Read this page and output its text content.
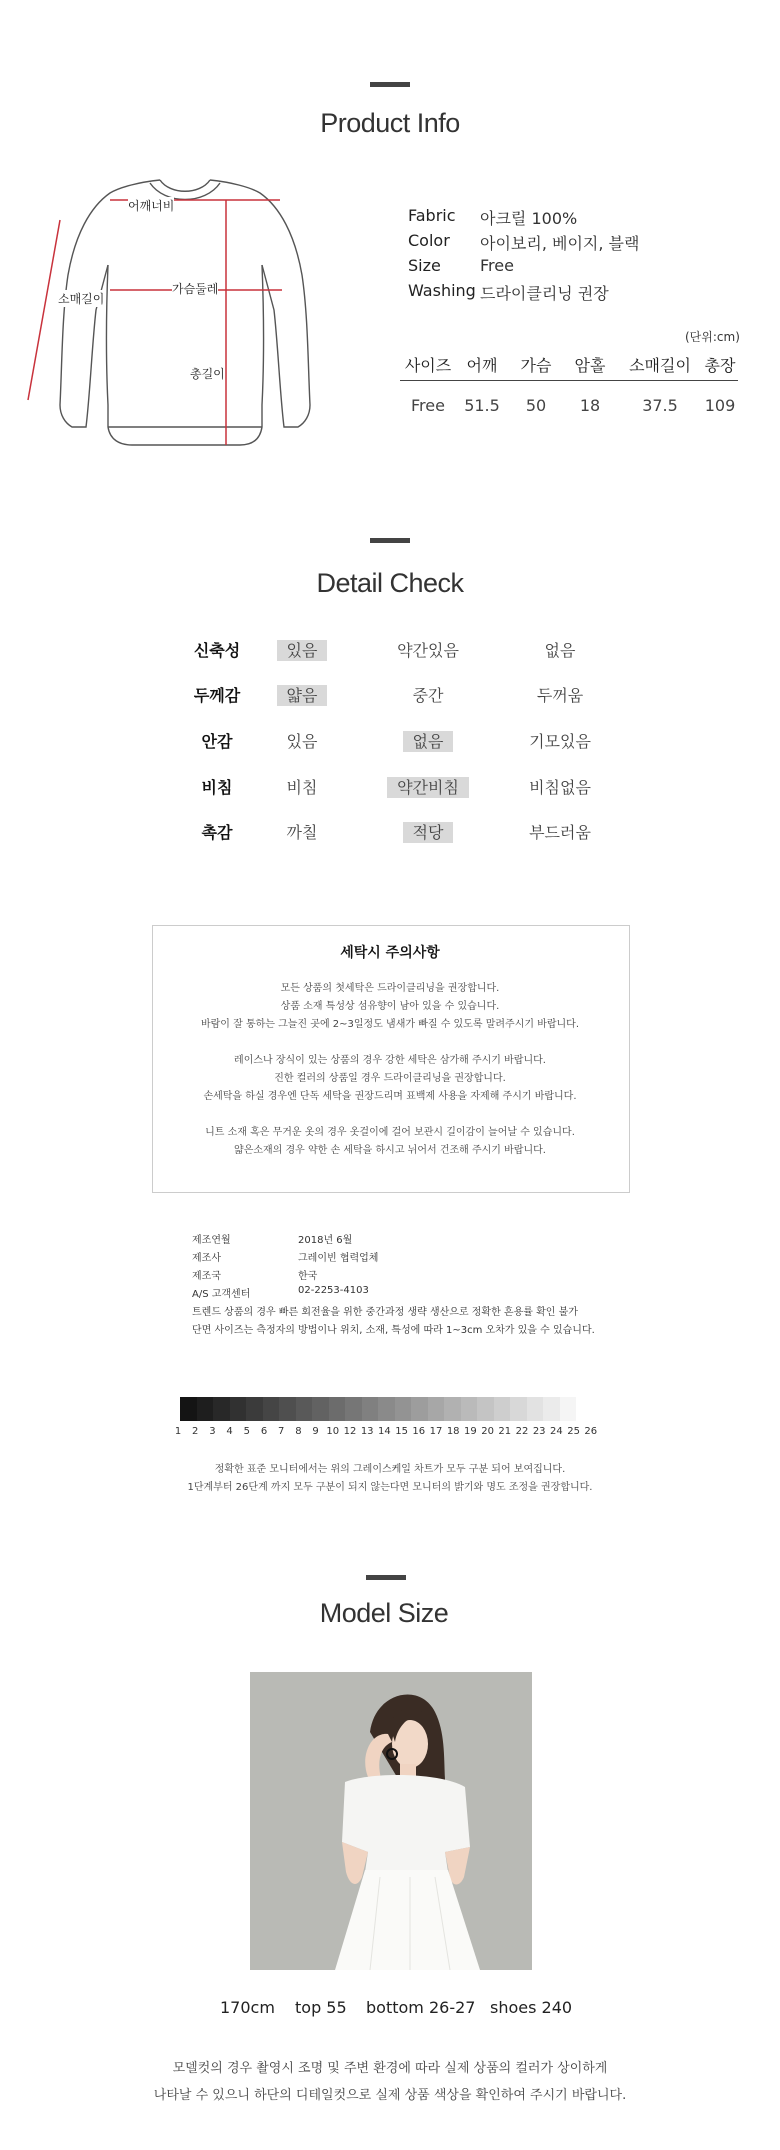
Product Info
어깨너비
가슴둘레
소매길이
총길이
Fabric 아크릴 100%
Color 아이보리, 베이지, 블랙
Size Free
Washing 드라이클리닝 권장
(단위:cm)
사이즈 어깨	가슴	암홀	소매길이 총장
Free	51.5	50	18	37.5	109
Detail Check
신축성	있음	약간있음	없음
두께감	얇음	중간	두꺼움
안감	있음	없음	기모있음
비침	비침	약간비침	비침없음
촉감	까칠	적당	부드러움
세탁시 주의사항
모든 상품의 첫세탁은 드라이클리닝을 권장합니다.
상품 소재 특성상 섬유향이 남아 있을 수 있습니다.
바람이 잘 통하는 그늘진 곳에 2~3일정도 냄새가 빠질 수 있도록 말려주시기 바랍니다.
레이스나 장식이 있는 상품의 경우 강한 세탁은 삼가해 주시기 바랍니다.
진한 컬러의 상품일 경우 드라이클리닝을 권장합니다.
손세탁을 하실 경우엔 단독 세탁을 권장드리며 표백제 사용을 자제해 주시기 바랍니다.
니트 소재 혹은 무거운 옷의 경우 옷걸이에 걸어 보관시 길이감이 늘어날 수 있습니다.
얇은소재의 경우 약한 손 세탁을 하시고 뉘어서 건조해 주시기 바랍니다.
제조연월	2018년 6월
제조사	그레이빈 협력업체
제조국	한국
A/S 고객센터	02-2253-4103
트렌드 상품의 경우 빠른 회전율을 위한 중간과정 생략 생산으로 정확한 흔용률 확인 불가
단면 사이즈는 측정자의 방법이나 위치, 소재, 특성에 따라 1~3cm 오차가 있을 수 있습니다.
1	2	3	4	5	6	7	8	9 10 12 13 14 15 16 17 18 19 20 21 22 23 24 25 26
정확한 표준 모니터에서는 위의 그레이스케일 차트가 모두 구분 되어 보여집니다.
1단계부터 26단계 까지 모두 구분이 되지 않는다면 모니터의 밝기와 명도 조정을 권장합니다.
Model Size
170cm top 55 bottom 26-27 shoes 240
모델컷의 경우 촬영시 조명 및 주변 환경에 따라 실제 상품의 컬러가 상이하게
나타날 수 있으니 하단의 디테일컷으로 실제 상품 색상을 확인하여 주시기 바랍니다.
